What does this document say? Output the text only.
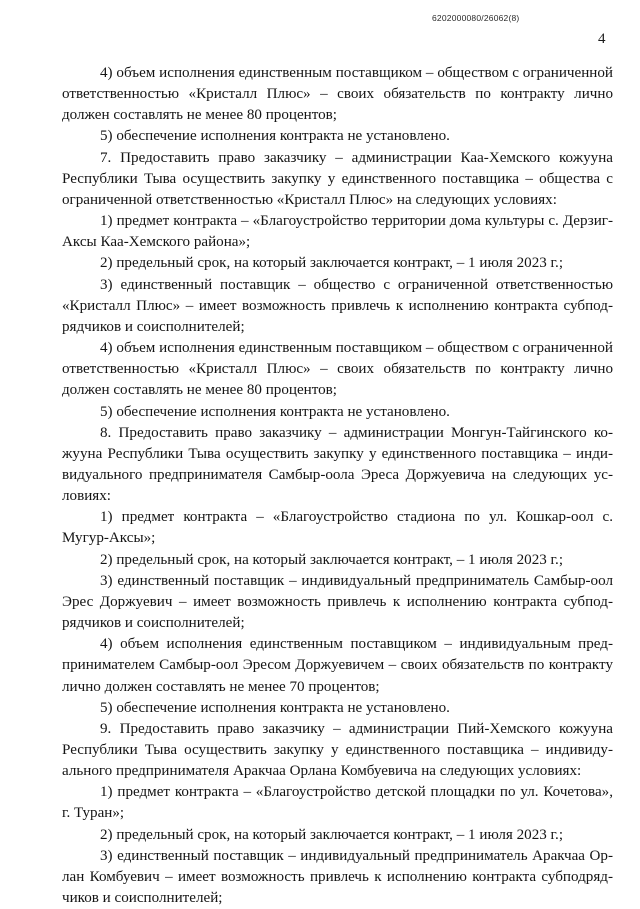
6202000080/26062(8)
4

4) объем исполнения единственным поставщиком – обществом с ограниченной ответственностью «Кристалл Плюс» – своих обязательств по контракту лично должен составлять не менее 80 процентов;

5) обеспечение исполнения контракта не установлено.

7. Предоставить право заказчику – администрации Каа-Хемского кожууна Республики Тыва осуществить закупку у единственного поставщика – общества с ограниченной ответственностью «Кристалл Плюс» на следующих условиях:

1) предмет контракта – «Благоустройство территории дома культуры с. Дерзиг-Аксы Каа-Хемского района»;

2) предельный срок, на который заключается контракт, – 1 июля 2023 г.;

3) единственный поставщик – общество с ограниченной ответственностью «Кристалл Плюс» – имеет возможность привлечь к исполнению контракта субподрядчиков и соисполнителей;

4) объем исполнения единственным поставщиком – обществом с ограниченной ответственностью «Кристалл Плюс» – своих обязательств по контракту лично должен составлять не менее 80 процентов;

5) обеспечение исполнения контракта не установлено.

8. Предоставить право заказчику – администрации Монгун-Тайгинского кожууна Республики Тыва осуществить закупку у единственного поставщика – индивидуального предпринимателя Самбыр-оола Эреса Доржуевича на следующих условиях:

1) предмет контракта – «Благоустройство стадиона по ул. Кошкар-оол с. Мугур-Аксы»;

2) предельный срок, на который заключается контракт, – 1 июля 2023 г.;

3) единственный поставщик – индивидуальный предприниматель Самбыр-оол Эрес Доржуевич – имеет возможность привлечь к исполнению контракта субподрядчиков и соисполнителей;

4) объем исполнения единственным поставщиком – индивидуальным предпринимателем Самбыр-оол Эресом Доржуевичем – своих обязательств по контракту лично должен составлять не менее 70 процентов;

5) обеспечение исполнения контракта не установлено.

9. Предоставить право заказчику – администрации Пий-Хемского кожууна Республики Тыва осуществить закупку у единственного поставщика – индивидуального предпринимателя Аракчаа Орлана Комбуевича на следующих условиях:

1) предмет контракта – «Благоустройство детской площадки по ул. Кочетова», г. Туран»;

2) предельный срок, на который заключается контракт, – 1 июля 2023 г.;

3) единственный поставщик – индивидуальный предприниматель Аракчаа Орлан Комбуевич – имеет возможность привлечь к исполнению контракта субподрядчиков и соисполнителей;
